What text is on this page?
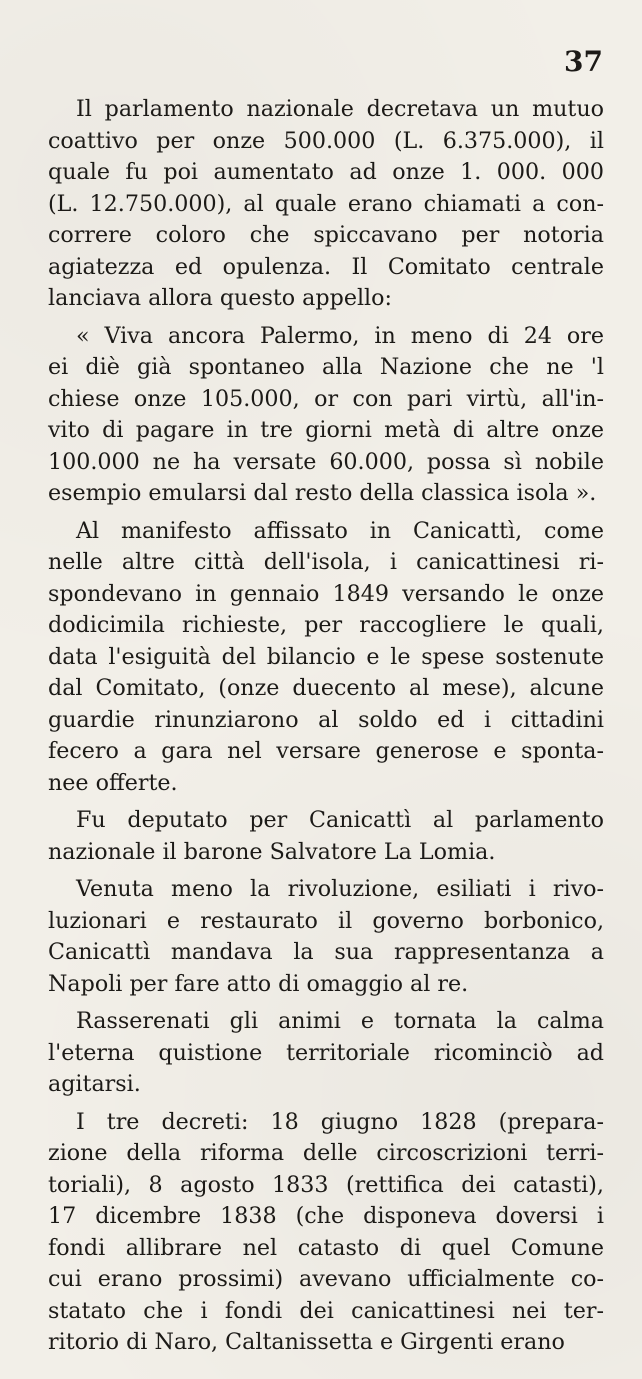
37
Il parlamento nazionale decretava un mutuo
coattivo per onze 500.000 (L. 6.375.000), il
quale fu poi aumentato ad onze 1. 000. 000
(L. 12.750.000), al quale erano chiamati a con-
correre coloro che spiccavano per notoria
agiatezza ed opulenza. Il Comitato centrale
lanciava allora questo appello:
« Viva ancora Palermo, in meno di 24 ore
ei diè già spontaneo alla Nazione che ne 'l
chiese onze 105.000, or con pari virtù, all'in-
vito di pagare in tre giorni metà di altre onze
100.000 ne ha versate 60.000, possa sì nobile
esempio emularsi dal resto della classica isola ».
Al manifesto affissato in Canicattì, come
nelle altre città dell'isola, i canicattinesi ri-
spondevano in gennaio 1849 versando le onze
dodicimila richieste, per raccogliere le quali,
data l'esiguità del bilancio e le spese sostenute
dal Comitato, (onze duecento al mese), alcune
guardie rinunziarono al soldo ed i cittadini
fecero a gara nel versare generose e sponta-
nee offerte.
Fu deputato per Canicattì al parlamento
nazionale il barone Salvatore La Lomia.
Venuta meno la rivoluzione, esiliati i rivo-
luzionari e restaurato il governo borbonico,
Canicattì mandava la sua rappresentanza a
Napoli per fare atto di omaggio al re.
Rasserenati gli animi e tornata la calma
l'eterna quistione territoriale ricominciò ad
agitarsi.
I tre decreti: 18 giugno 1828 (prepara-
zione della riforma delle circoscrizioni terri-
toriali), 8 agosto 1833 (rettifica dei catasti),
17 dicembre 1838 (che disponeva doversi i
fondi allibrare nel catasto di quel Comune
cui erano prossimi) avevano ufficialmente co-
statato che i fondi dei canicattinesi nei ter-
ritorio di Naro, Caltanissetta e Girgenti erano
